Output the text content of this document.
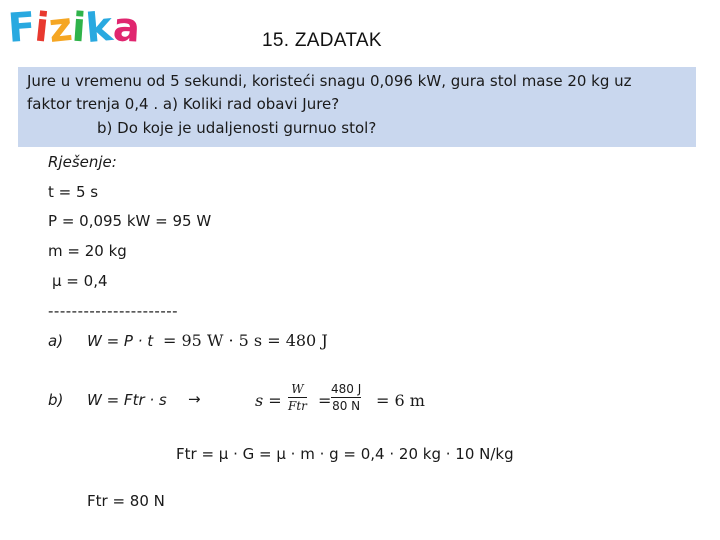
Fizika	15. ZADATAK
Jure u vremenu od 5 sekundi, koristeći snagu 0,096 kW, gura stol mase 20 kg uz
faktor trenja 0,4 . a) Koliki rad obavi Jure?
b) Do koje je udaljenosti gurnuo stol?
Rješenje:
t = 5 s
P = 0,095 kW = 95 W
m = 20 kg
μ = 0,4
----------------------
a) W = P · t = 95 W · 5 s = 480 J
b) W = Ftr · s →	s =
W
Ftr =
480 J
80 N = 6 m
Ftr = μ · G = μ · m · g = 0,4 · 20 kg · 10 N/kg
Ftr = 80 N
